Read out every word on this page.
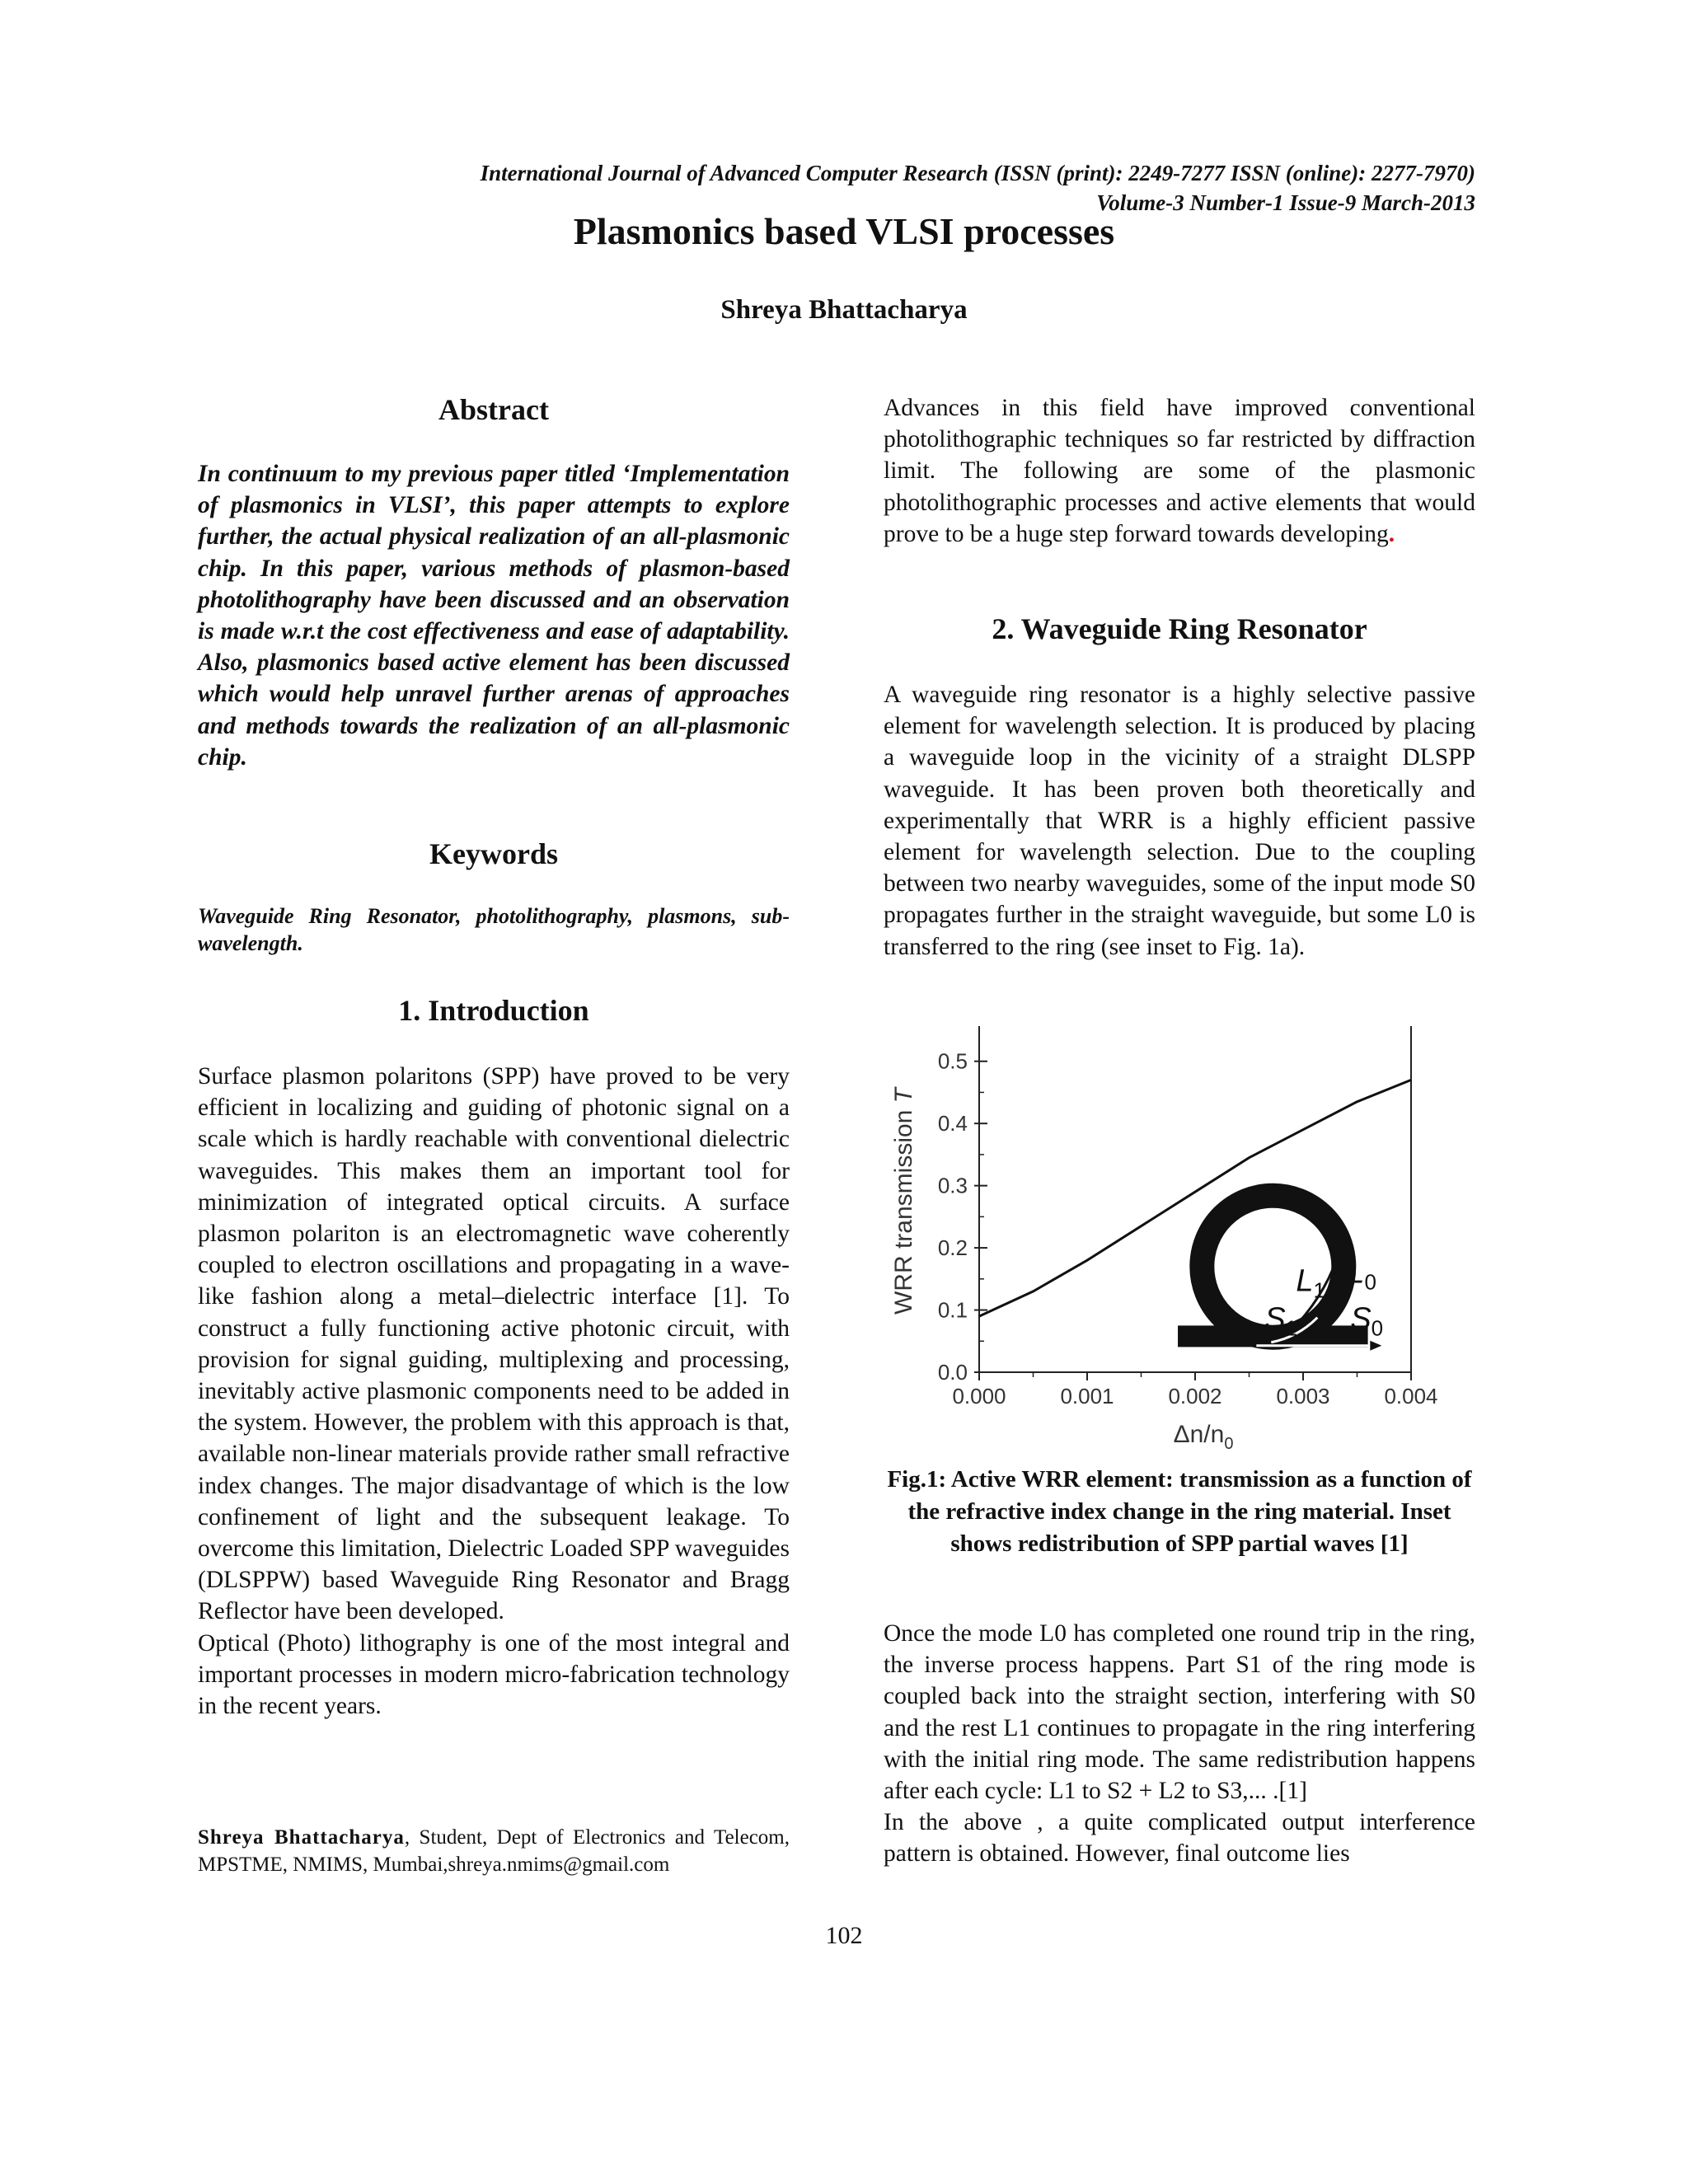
International Journal of Advanced Computer Research (ISSN (print): 2249-7277 ISSN (online): 2277-7970)
Volume-3 Number-1 Issue-9 March-2013
Plasmonics based VLSI processes
Shreya Bhattacharya
Abstract
In continuum to my previous paper titled ‘Implementation of plasmonics in VLSI’, this paper attempts to explore further, the actual physical realization of an all-plasmonic chip. In this paper, various methods of plasmon-based photolithography have been discussed and an observation is made w.r.t the cost effectiveness and ease of adaptability. Also, plasmonics based active element has been discussed which would help unravel further arenas of approaches and methods towards the realization of an all-plasmonic chip.
Keywords
Waveguide Ring Resonator, photolithography, plasmons, sub-wavelength.
1. Introduction
Surface plasmon polaritons (SPP) have proved to be very efficient in localizing and guiding of photonic signal on a scale which is hardly reachable with conventional dielectric waveguides. This makes them an important tool for minimization of integrated optical circuits. A surface plasmon polariton is an electromagnetic wave coherently coupled to electron oscillations and propagating in a wave-like fashion along a metal–dielectric interface [1]. To construct a fully functioning active photonic circuit, with provision for signal guiding, multiplexing and processing, inevitably active plasmonic components need to be added in the system. However, the problem with this approach is that, available non-linear materials provide rather small refractive index changes. The major disadvantage of which is the low confinement of light and the subsequent leakage. To overcome this limitation, Dielectric Loaded SPP waveguides (DLSPPW) based Waveguide Ring Resonator and Bragg Reflector have been developed.
Optical (Photo) lithography is one of the most integral and important processes in modern micro-fabrication technology in the recent years.
Shreya Bhattacharya, Student, Dept of Electronics and Telecom, MPSTME, NMIMS, Mumbai,shreya.nmims@gmail.com
Advances in this field have improved conventional photolithographic techniques so far restricted by diffraction limit. The following are some of the plasmonic photolithographic processes and active elements that would prove to be a huge step forward towards developing.
2. Waveguide Ring Resonator
A waveguide ring resonator is a highly selective passive element for wavelength selection. It is produced by placing a waveguide loop in the vicinity of a straight DLSPP waveguide. It has been proven both theoretically and experimentally that WRR is a highly efficient passive element for wavelength selection. Due to the coupling between two nearby waveguides, some of the input mode S0 propagates further in the straight waveguide, but some L0 is transferred to the ring (see inset to Fig. 1a).
0.0
0.1
0.2
0.3
0.4
0.5
0.000	0.001	0.002	0.003	0.004
WRR transmission T
$\Delta n/n_0$
$L_1$ $L_0$
$S_1$ $S_0$
Fig.1: Active WRR element: transmission as a function of the refractive index change in the ring material. Inset shows redistribution of SPP partial waves [1]
Once the mode L0 has completed one round trip in the ring, the inverse process happens. Part S1 of the ring mode is coupled back into the straight section, interfering with S0 and the rest L1 continues to propagate in the ring interfering with the initial ring mode. The same redistribution happens after each cycle: L1 to S2 + L2 to S3,... .[1]
In the above , a quite complicated output interference pattern is obtained. However, final outcome lies
102
